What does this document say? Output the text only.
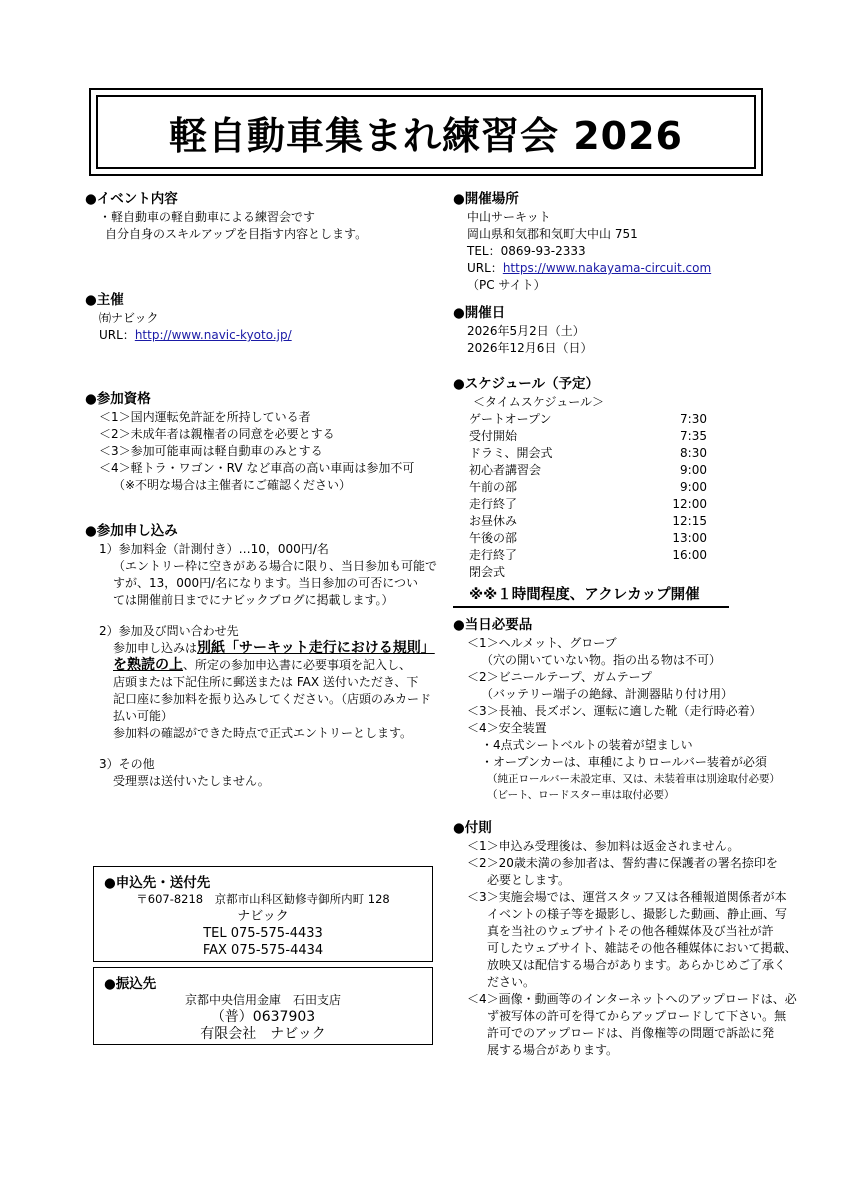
軽自動車集まれ練習会 2026
●イベント内容
・軽自動車の軽自動車による練習会です
自分自身のスキルアップを目指す内容とします。
●主催
㈲ナビック
URL：http://www.navic-kyoto.jp/
●参加資格
＜1＞国内運転免許証を所持している者
＜2＞未成年者は親権者の同意を必要とする
＜3＞参加可能車両は軽自動車のみとする
＜4＞軽トラ・ワゴン・RV など車高の高い車両は参加不可
（※不明な場合は主催者にご確認ください）
●参加申し込み
1）参加料金（計測付き）…10，000円/名
（エントリー枠に空きがある場合に限り、当日参加も可能で
すが、13，000円/名になります。当日参加の可否につい
ては開催前日までにナビックブログに掲載します。）
2）参加及び問い合わせ先
参加申し込みは別紙「サーキット走行における規則」
を熟読の上、所定の参加申込書に必要事項を記入し、
店頭または下記住所に郵送または FAX 送付いただき、下
記口座に参加料を振り込みしてください。（店頭のみカード
払い可能）
参加料の確認ができた時点で正式エントリーとします。
3）その他
受理票は送付いたしません。
●申込先・送付先
〒607-8218　京都市山科区勧修寺御所内町 128
ナビック
TEL 075-575-4433
FAX 075-575-4434
●振込先
京都中央信用金庫　石田支店
（普）0637903
有限会社　ナビック
●開催場所
中山サーキット
岡山県和気郡和気町大中山 751
TEL：0869-93-2333
URL：https://www.nakayama-circuit.com
（PC サイト）
●開催日
2026年5月2日（土）
2026年12月6日（日）
●スケジュール（予定）
＜タイムスケジュール＞
ゲートオープン	7:30
受付開始	7:35
ドラミ、開会式	8:30
初心者講習会	9:00
午前の部	9:00
走行終了	12:00
お昼休み	12:15
午後の部	13:00
走行終了	16:00
閉会式
※※１時間程度、アクレカップ開催
●当日必要品
＜1＞ヘルメット、グローブ
（穴の開いていない物。指の出る物は不可）
＜2＞ビニールテープ、ガムテープ
（バッテリー端子の絶縁、計測器貼り付け用）
＜3＞長袖、長ズボン、運転に適した靴（走行時必着）
＜4＞安全装置
・4点式シートベルトの装着が望ましい
・オープンカーは、車種によりロールバー装着が必須
（純正ロールバー未設定車、又は、未装着車は別途取付必要）
（ビート、ロードスター車は取付必要）
●付則
＜1＞申込み受理後は、参加料は返金されません。
＜2＞20歳未満の参加者は、誓約書に保護者の署名捺印を
必要とします。
＜3＞実施会場では、運営スタッフ又は各種報道関係者が本
イベントの様子等を撮影し、撮影した動画、静止画、写
真を当社のウェブサイトその他各種媒体及び当社が許
可したウェブサイト、雑誌その他各種媒体において掲載、
放映又は配信する場合があります。あらかじめご了承く
ださい。
＜4＞画像・動画等のインターネットへのアップロードは、必
ず被写体の許可を得てからアップロードして下さい。無
許可でのアップロードは、肖像権等の問題で訴訟に発
展する場合があります。
